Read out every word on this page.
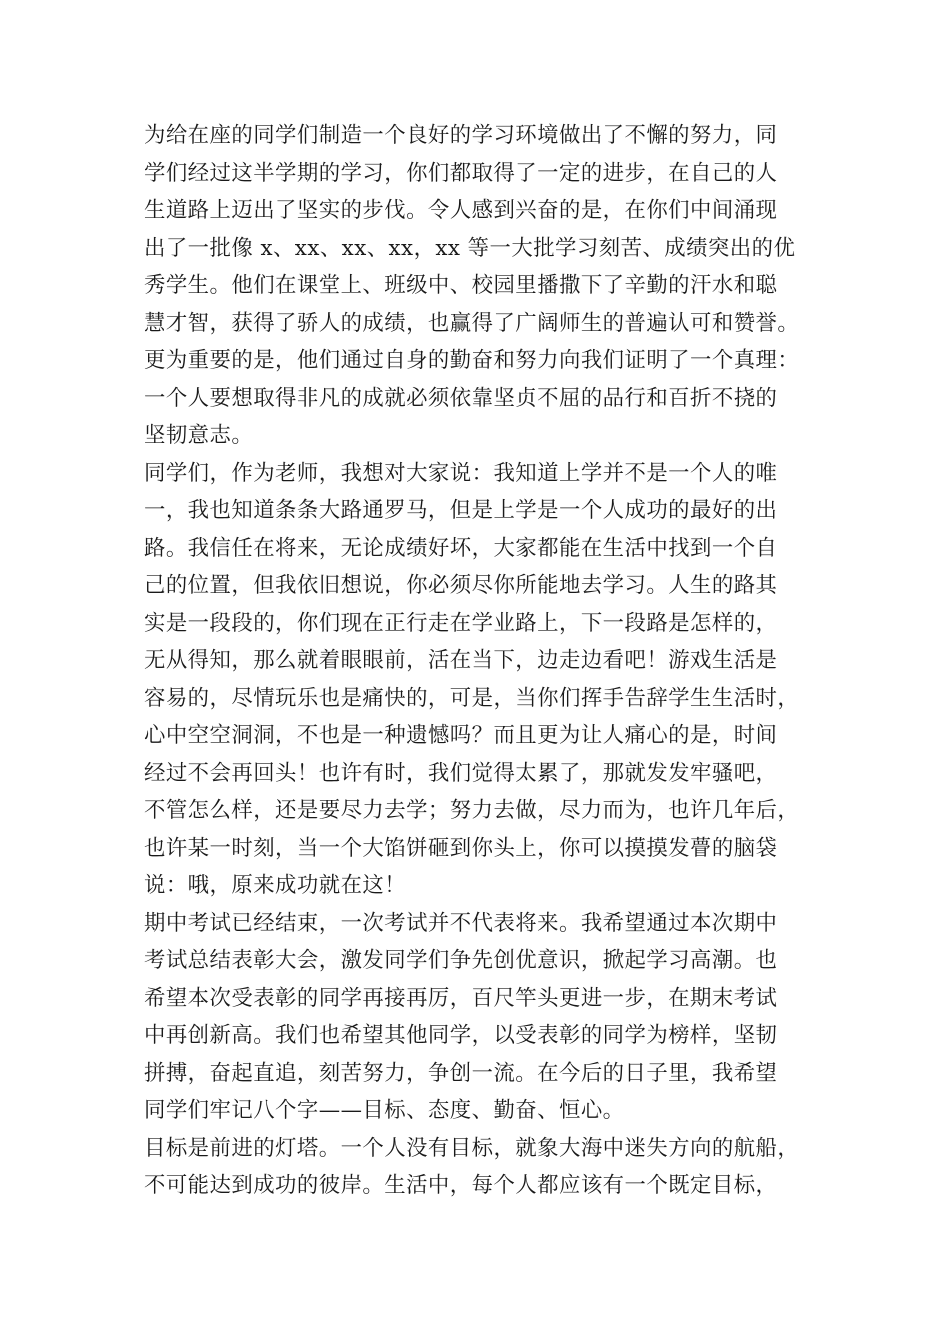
为给在座的同学们制造一个良好的学习环境做出了不懈的努力，同
学们经过这半学期的学习，你们都取得了一定的进步，在自己的人
生道路上迈出了坚实的步伐。令人感到兴奋的是，在你们中间涌现
出了一批像 x、xx、xx、xx，xx 等一大批学习刻苦、成绩突出的优
秀学生。他们在课堂上、班级中、校园里播撒下了辛勤的汗水和聪
慧才智，获得了骄人的成绩，也赢得了广阔师生的普遍认可和赞誉。
更为重要的是，他们通过自身的勤奋和努力向我们证明了一个真理：
一个人要想取得非凡的成就必须依靠坚贞不屈的品行和百折不挠的
坚韧意志。
同学们，作为老师，我想对大家说：我知道上学并不是一个人的唯
一，我也知道条条大路通罗马，但是上学是一个人成功的最好的出
路。我信任在将来，无论成绩好坏，大家都能在生活中找到一个自
己的位置，但我依旧想说，你必须尽你所能地去学习。人生的路其
实是一段段的，你们现在正行走在学业路上，下一段路是怎样的，
无从得知，那么就着眼眼前，活在当下，边走边看吧！游戏生活是
容易的，尽情玩乐也是痛快的，可是，当你们挥手告辞学生生活时，
心中空空洞洞，不也是一种遗憾吗？而且更为让人痛心的是，时间
经过不会再回头！也许有时，我们觉得太累了，那就发发牢骚吧，
不管怎么样，还是要尽力去学；努力去做，尽力而为，也许几年后，
也许某一时刻，当一个大馅饼砸到你头上，你可以摸摸发瞢的脑袋
说：哦，原来成功就在这！
期中考试已经结束，一次考试并不代表将来。我希望通过本次期中
考试总结表彰大会，激发同学们争先创优意识，掀起学习高潮。也
希望本次受表彰的同学再接再厉，百尺竿头更进一步，在期末考试
中再创新高。我们也希望其他同学，以受表彰的同学为榜样，坚韧
拼搏，奋起直追，刻苦努力，争创一流。在今后的日子里，我希望
同学们牢记八个字——目标、态度、勤奋、恒心。
目标是前进的灯塔。一个人没有目标，就象大海中迷失方向的航船，
不可能达到成功的彼岸。生活中，每个人都应该有一个既定目标，
